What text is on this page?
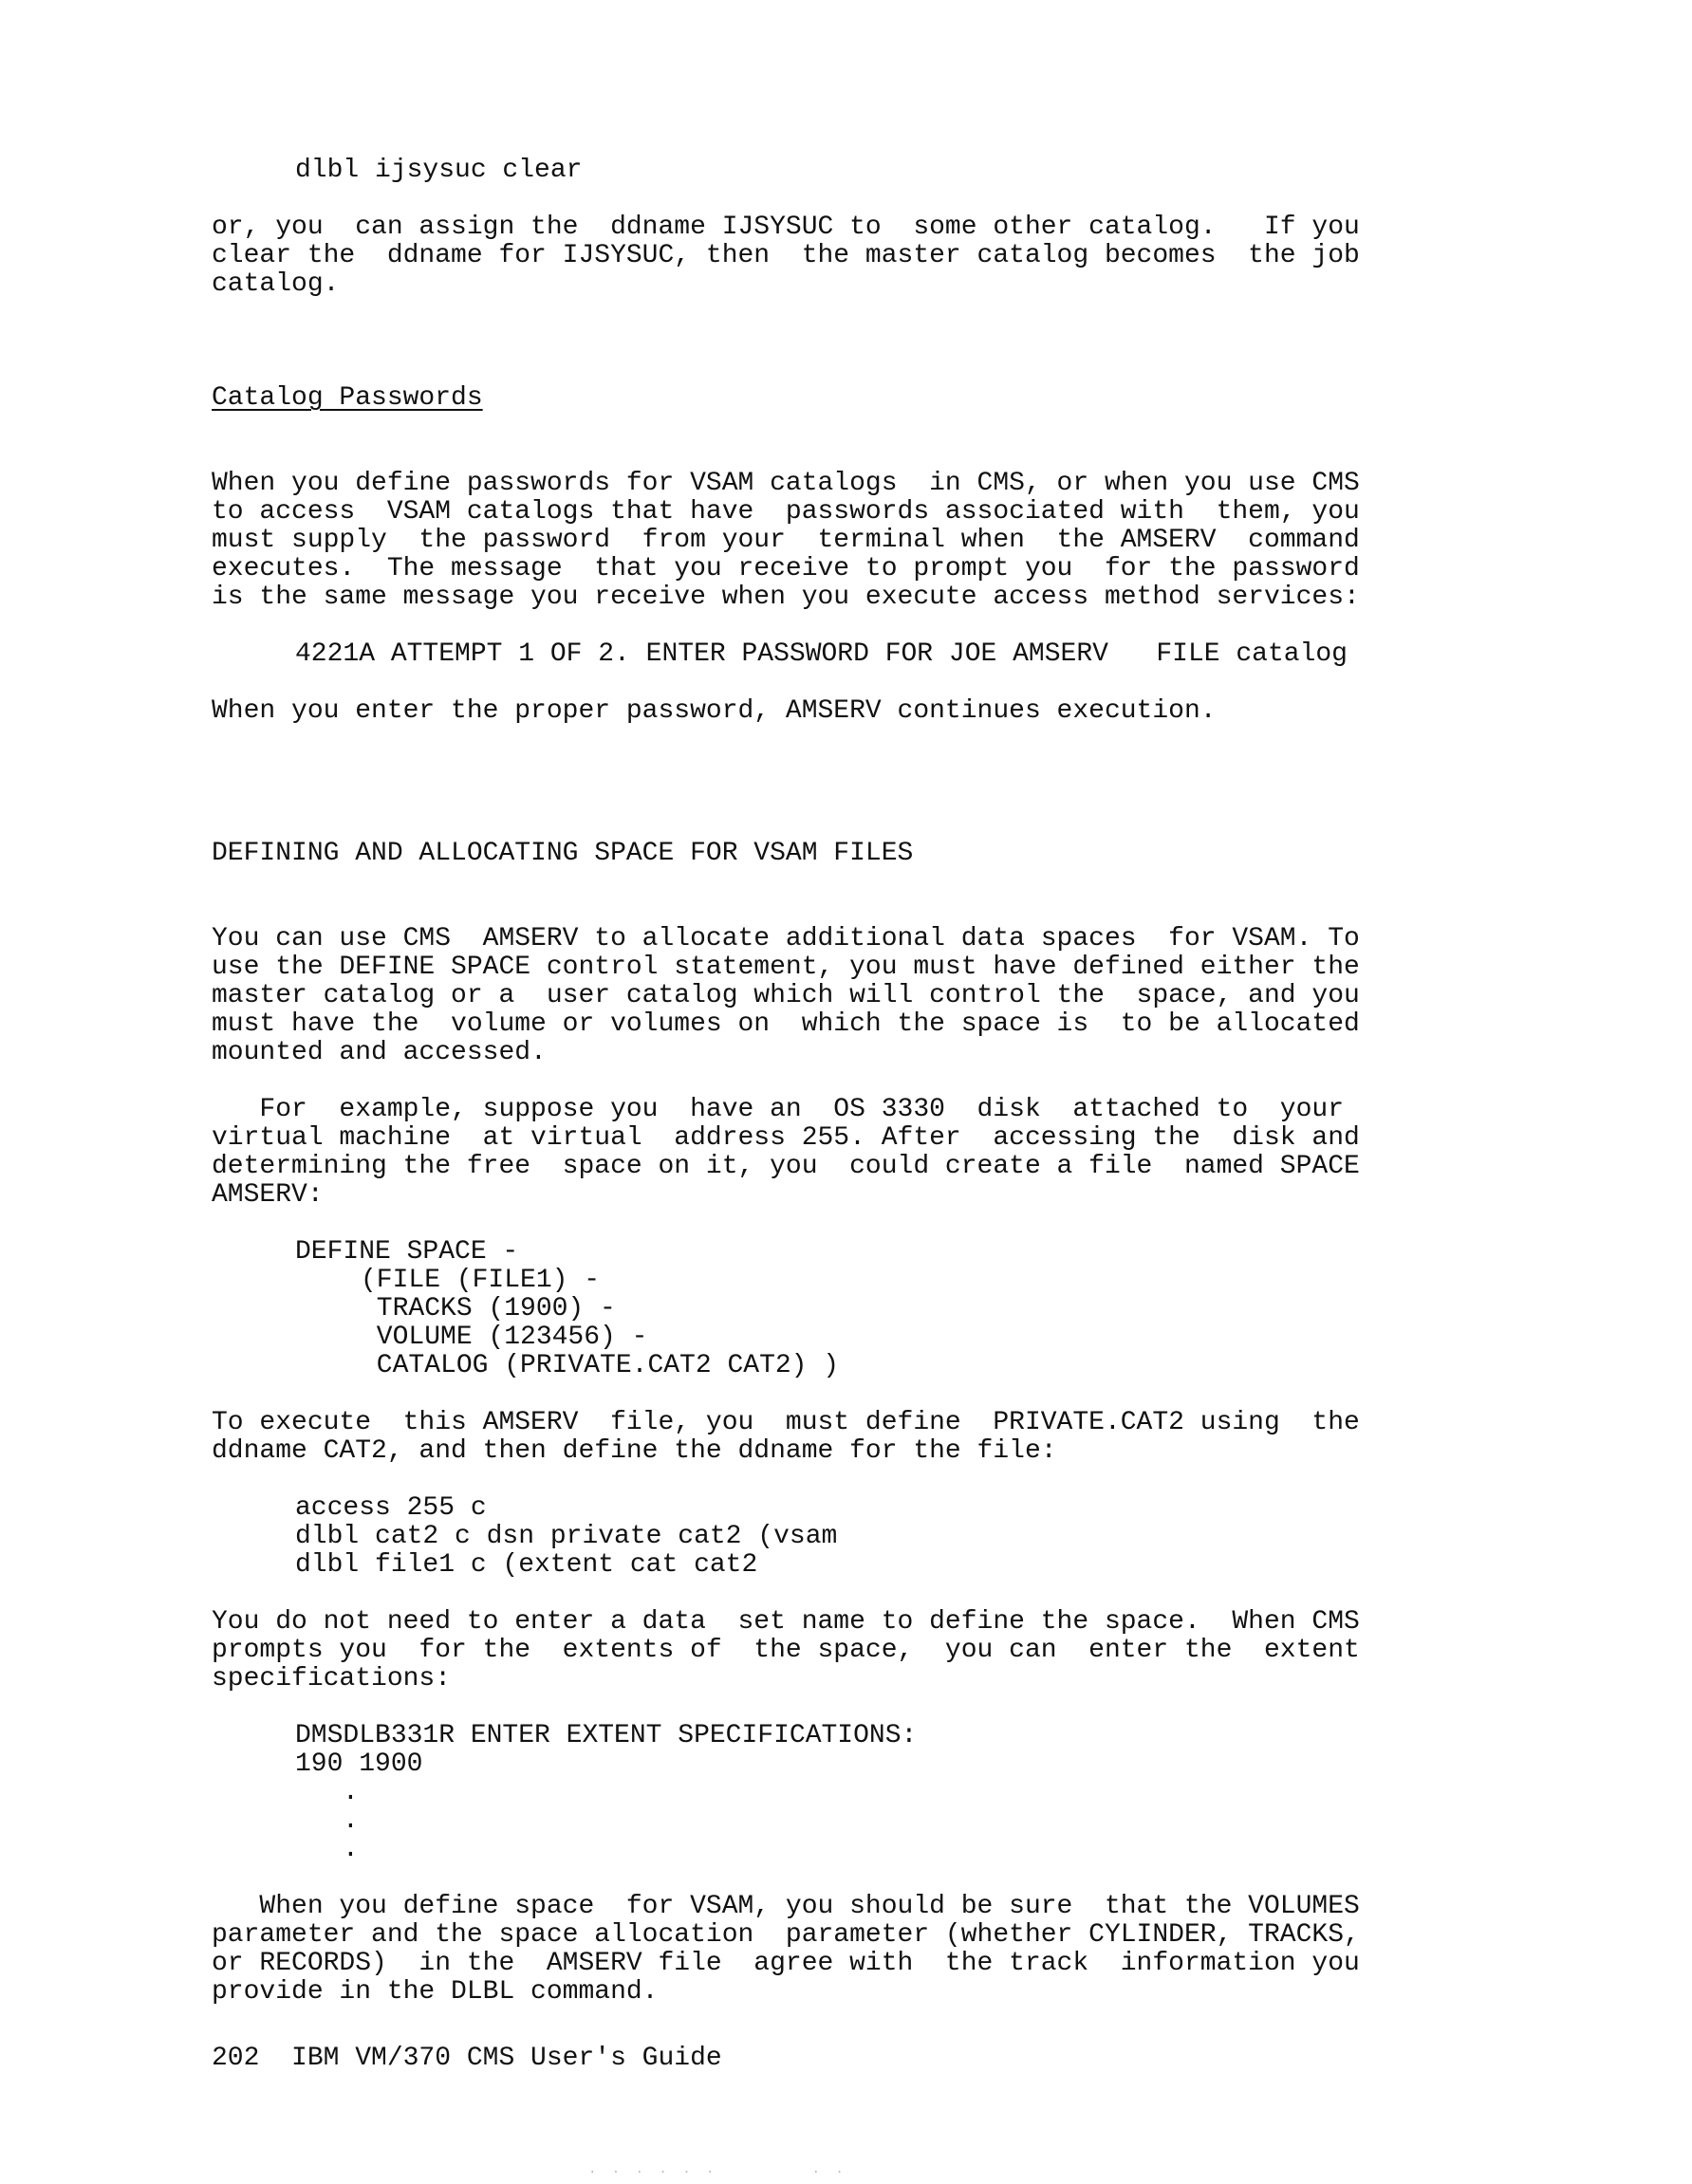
dlbl ijsysuc clear
or, you  can assign the  ddname IJSYSUC to  some other catalog.   If you
clear the  ddname for IJSYSUC, then  the master catalog becomes  the job
catalog.
Catalog Passwords
When you define passwords for VSAM catalogs  in CMS, or when you use CMS
to access  VSAM catalogs that have  passwords associated with  them, you
must supply  the password  from your  terminal when  the AMSERV  command
executes.  The message  that you receive to prompt you  for the password
is the same message you receive when you execute access method services:
4221A ATTEMPT 1 OF 2. ENTER PASSWORD FOR JOE AMSERV   FILE catalog
When you enter the proper password, AMSERV continues execution.
DEFINING AND ALLOCATING SPACE FOR VSAM FILES
You can use CMS  AMSERV to allocate additional data spaces  for VSAM. To
use the DEFINE SPACE control statement, you must have defined either the
master catalog or a  user catalog which will control the  space, and you
must have the  volume or volumes on  which the space is  to be allocated
mounted and accessed.
For  example, suppose you  have an  OS 3330  disk  attached to  your
virtual machine  at virtual  address 255. After  accessing the  disk and
determining the free  space on it, you  could create a file  named SPACE
AMSERV:
DEFINE SPACE -
(FILE (FILE1) -
TRACKS (1900) -
VOLUME (123456) -
CATALOG (PRIVATE.CAT2 CAT2) )
To execute  this AMSERV  file, you  must define  PRIVATE.CAT2 using  the
ddname CAT2, and then define the ddname for the file:
access 255 c
dlbl cat2 c dsn private cat2 (vsam
dlbl file1 c (extent cat cat2
You do not need to enter a data  set name to define the space.  When CMS
prompts you  for the  extents of  the space,  you can  enter the  extent
specifications:
DMSDLB331R ENTER EXTENT SPECIFICATIONS:
190 1900
.
.
.
When you define space  for VSAM, you should be sure  that the VOLUMES
parameter and the space allocation  parameter (whether CYLINDER, TRACKS,
or RECORDS)  in the  AMSERV file  agree with  the track  information you
provide in the DLBL command.
202  IBM VM/370 CMS User's Guide
. . . . . .        . .
